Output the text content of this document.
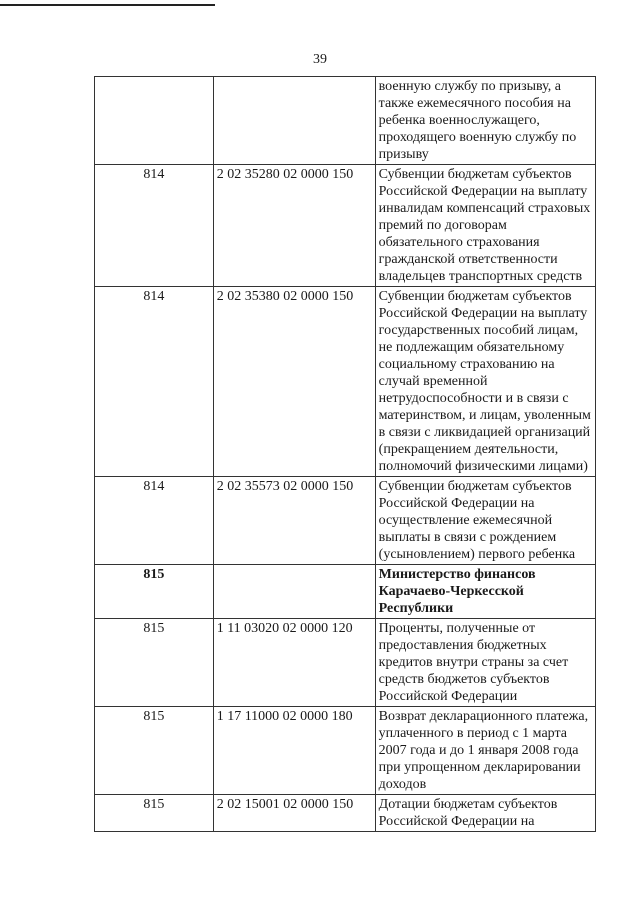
39
		военную службу по призыву, а также ежемесячного пособия на ребенка военнослужащего, проходящего военную службу по призыву
814	2 02 35280 02 0000 150	Субвенции бюджетам субъектов Российской Федерации на выплату инвалидам компенсаций страховых премий по договорам обязательного страхования гражданской ответственности владельцев транспортных средств
814	2 02 35380 02 0000 150	Субвенции бюджетам субъектов Российской Федерации на выплату государственных пособий лицам, не подлежащим обязательному социальному страхованию на случай временной нетрудоспособности и в связи с материнством, и лицам, уволенным в связи с ликвидацией организаций (прекращением деятельности, полномочий физическими лицами)
814	2 02 35573 02 0000 150	Субвенции бюджетам субъектов Российской Федерации на осуществление ежемесячной выплаты в связи с рождением (усыновлением) первого ребенка
815		Министерство финансов Карачаево-Черкесской Республики
815	1 11 03020 02 0000 120	Проценты, полученные от предоставления бюджетных кредитов внутри страны за счет средств бюджетов субъектов Российской Федерации
815	1 17 11000 02 0000 180	Возврат декларационного платежа, уплаченного в период с 1 марта 2007 года и до 1 января 2008 года при упрощенном декларировании доходов
815	2 02 15001 02 0000 150	Дотации бюджетам субъектов Российской Федерации на
